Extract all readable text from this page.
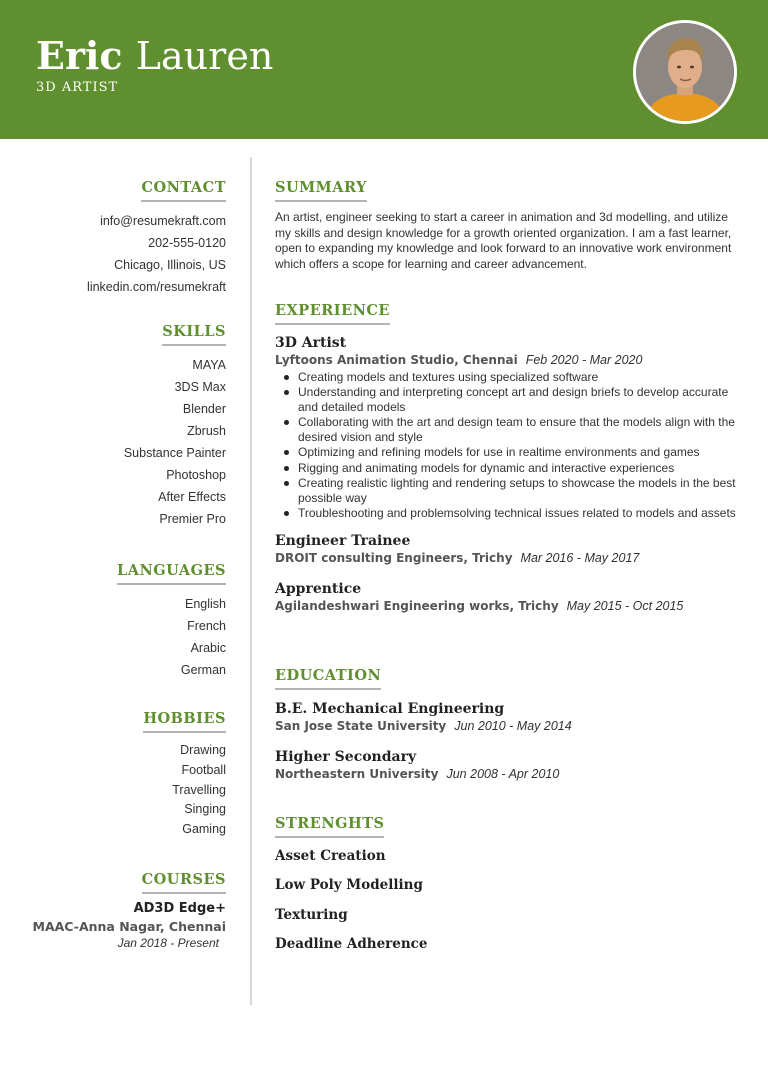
Eric Lauren
3D ARTIST
CONTACT
info@resumekraft.com
202-555-0120
Chicago, Illinois, US
linkedin.com/resumekraft
SKILLS
MAYA
3DS Max
Blender
Zbrush
Substance Painter
Photoshop
After Effects
Premier Pro
LANGUAGES
English
French
Arabic
German
HOBBIES
Drawing
Football
Travelling
Singing
Gaming
COURSES
AD3D Edge+
MAAC-Anna Nagar, Chennai
Jan 2018 - Present
SUMMARY
An artist, engineer seeking to start a career in animation and 3d modelling, and utilize my skills and design knowledge for a growth oriented organization. I am a fast learner, open to expanding my knowledge and look forward to an innovative work environment which offers a scope for learning and career advancement.
EXPERIENCE
3D Artist
Lyftoons Animation Studio, Chennai Feb 2020 - Mar 2020
Creating models and textures using specialized software
Understanding and interpreting concept art and design briefs to develop accurate and detailed models
Collaborating with the art and design team to ensure that the models align with the desired vision and style
Optimizing and refining models for use in realtime environments and games
Rigging and animating models for dynamic and interactive experiences
Creating realistic lighting and rendering setups to showcase the models in the best possible way
Troubleshooting and problemsolving technical issues related to models and assets
Engineer Trainee
DROIT consulting Engineers, Trichy Mar 2016 - May 2017
Apprentice
Agilandeshwari Engineering works, Trichy May 2015 - Oct 2015
EDUCATION
B.E. Mechanical Engineering
San Jose State University Jun 2010 - May 2014
Higher Secondary
Northeastern University Jun 2008 - Apr 2010
STRENGHTS
Asset Creation
Low Poly Modelling
Texturing
Deadline Adherence
